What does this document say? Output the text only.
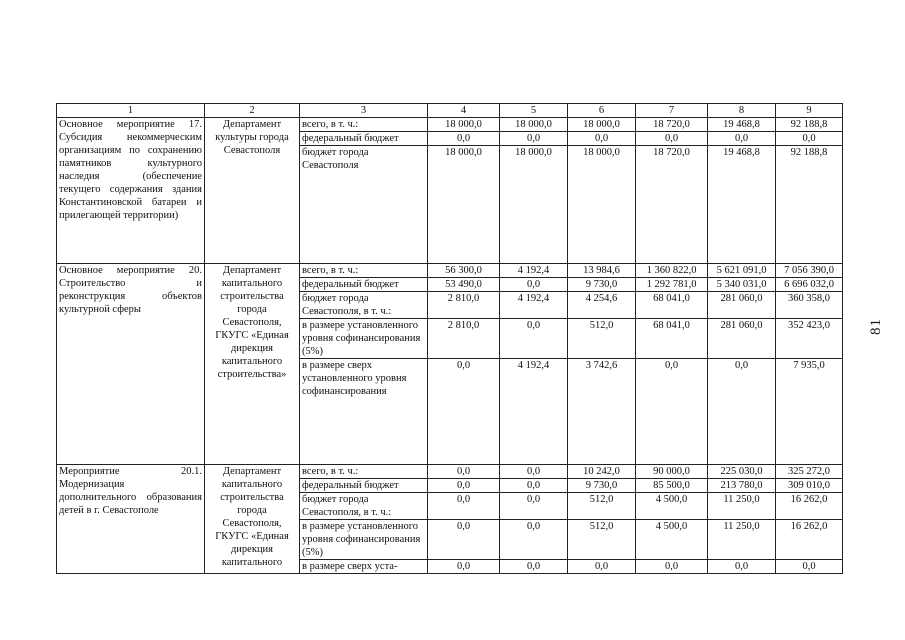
1	2	3	4	5	6	7	8	9
Основное мероприятие 17. Субсидия некоммерческим организациям по сохранению памятников культурного наследия (обеспечение текущего содержания здания Константиновской батареи и прилегающей территории)	Департамент культуры города Севастополя	всего, в т. ч.:	18 000,0	18 000,0	18 000,0	18 720,0	19 468,8	92 188,8
		федеральный бюджет	0,0	0,0	0,0	0,0	0,0	0,0
		бюджет города Севастополя	18 000,0	18 000,0	18 000,0	18 720,0	19 468,8	92 188,8
Основное мероприятие 20. Строительство и реконструкция объектов культурной сферы	Департамент капитального строительства города Севастополя, ГКУГС «Единая дирекция капитального строительства»	всего, в т. ч.:	56 300,0	4 192,4	13 984,6	1 360 822,0	5 621 091,0	7 056 390,0
		федеральный бюджет	53 490,0	0,0	9 730,0	1 292 781,0	5 340 031,0	6 696 032,0
		бюджет города Севастополя, в т. ч.:	2 810,0	4 192,4	4 254,6	68 041,0	281 060,0	360 358,0
		в размере установленного уровня софинансирования (5%)	2 810,0	0,0	512,0	68 041,0	281 060,0	352 423,0
		в размере сверх установленного уровня софинансирования	0,0	4 192,4	3 742,6	0,0	0,0	7 935,0
Мероприятие 20.1. Модернизация дополнительного образования детей в г. Севастополе	Департамент капитального строительства города Севастополя, ГКУГС «Единая дирекция капитального	всего, в т. ч.:	0,0	0,0	10 242,0	90 000,0	225 030,0	325 272,0
		федеральный бюджет	0,0	0,0	9 730,0	85 500,0	213 780,0	309 010,0
		бюджет города Севастополя, в т. ч.:	0,0	0,0	512,0	4 500,0	11 250,0	16 262,0
		в размере установленного уровня софинансирования (5%)	0,0	0,0	512,0	4 500,0	11 250,0	16 262,0
		в размере сверх уста-	0,0	0,0	0,0	0,0	0,0	0,0
81
